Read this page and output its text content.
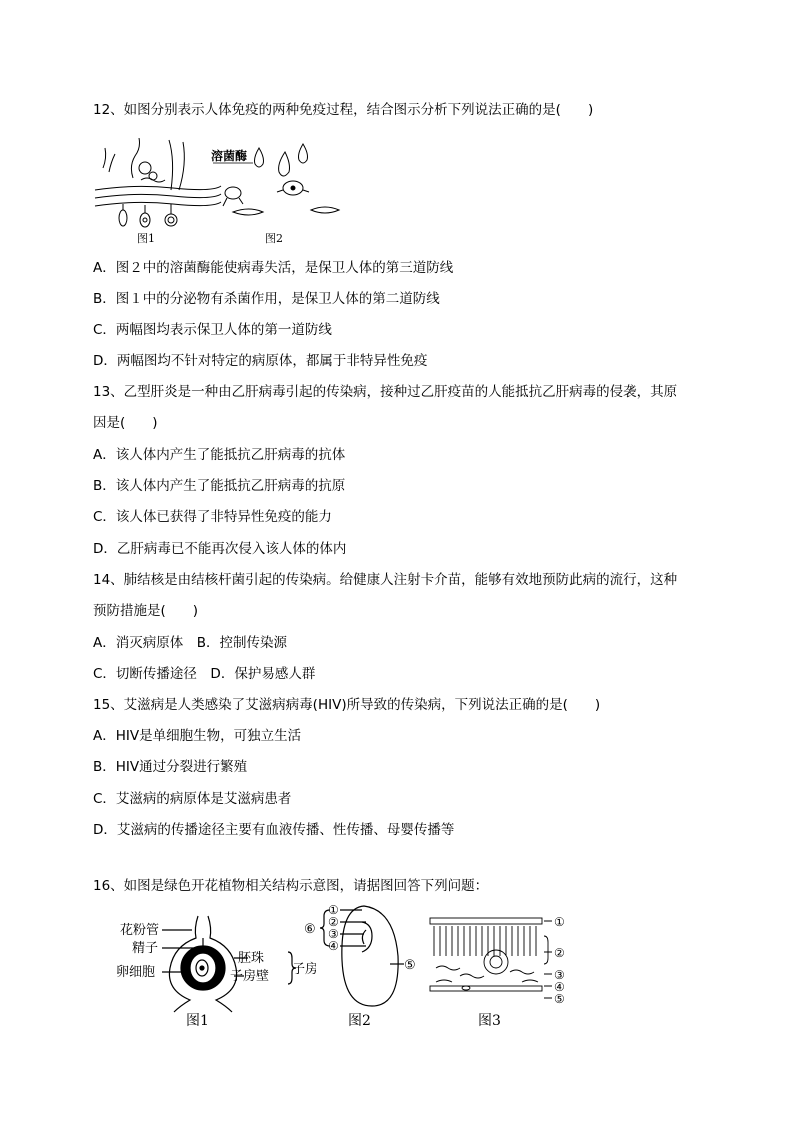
12、如图分别表示人体免疫的两种免疫过程，结合图示分析下列说法正确的是(　　)
图1
溶菌酶
图2
A．图２中的溶菌酶能使病毒失活，是保卫人体的第三道防线
B．图１中的分泌物有杀菌作用，是保卫人体的第二道防线
C．两幅图均表示保卫人体的第一道防线
D．两幅图均不针对特定的病原体，都属于非特异性免疫
13、乙型肝炎是一种由乙肝病毒引起的传染病，接种过乙肝疫苗的人能抵抗乙肝病毒的侵袭，其原
因是(　　)
A．该人体内产生了能抵抗乙肝病毒的抗体
B．该人体内产生了能抵抗乙肝病毒的抗原
C．该人体已获得了非特异性免疫的能力
D．乙肝病毒已不能再次侵入该人体的体内
14、肺结核是由结核杆菌引起的传染病。给健康人注射卡介苗，能够有效地预防此病的流行，这种
预防措施是(　　)
A．消灭病原体　B．控制传染源
C．切断传播途径　D．保护易感人群
15、艾滋病是人类感染了艾滋病病毒(HIV)所导致的传染病，下列说法正确的是(　　)
A．HIV是单细胞生物，可独立生活
B．HIV通过分裂进行繁殖
C．艾滋病的病原体是艾滋病患者
D．艾滋病的传播途径主要有血液传播、性传播、母婴传播等
16、如图是绿色开花植物相关结构示意图，请据图回答下列问题：
花粉管
精子
卵细胞
胚珠
子房壁 子房
图1
①
②
③
④
⑤
⑥
图2
①
②
③
④
⑤
图3
